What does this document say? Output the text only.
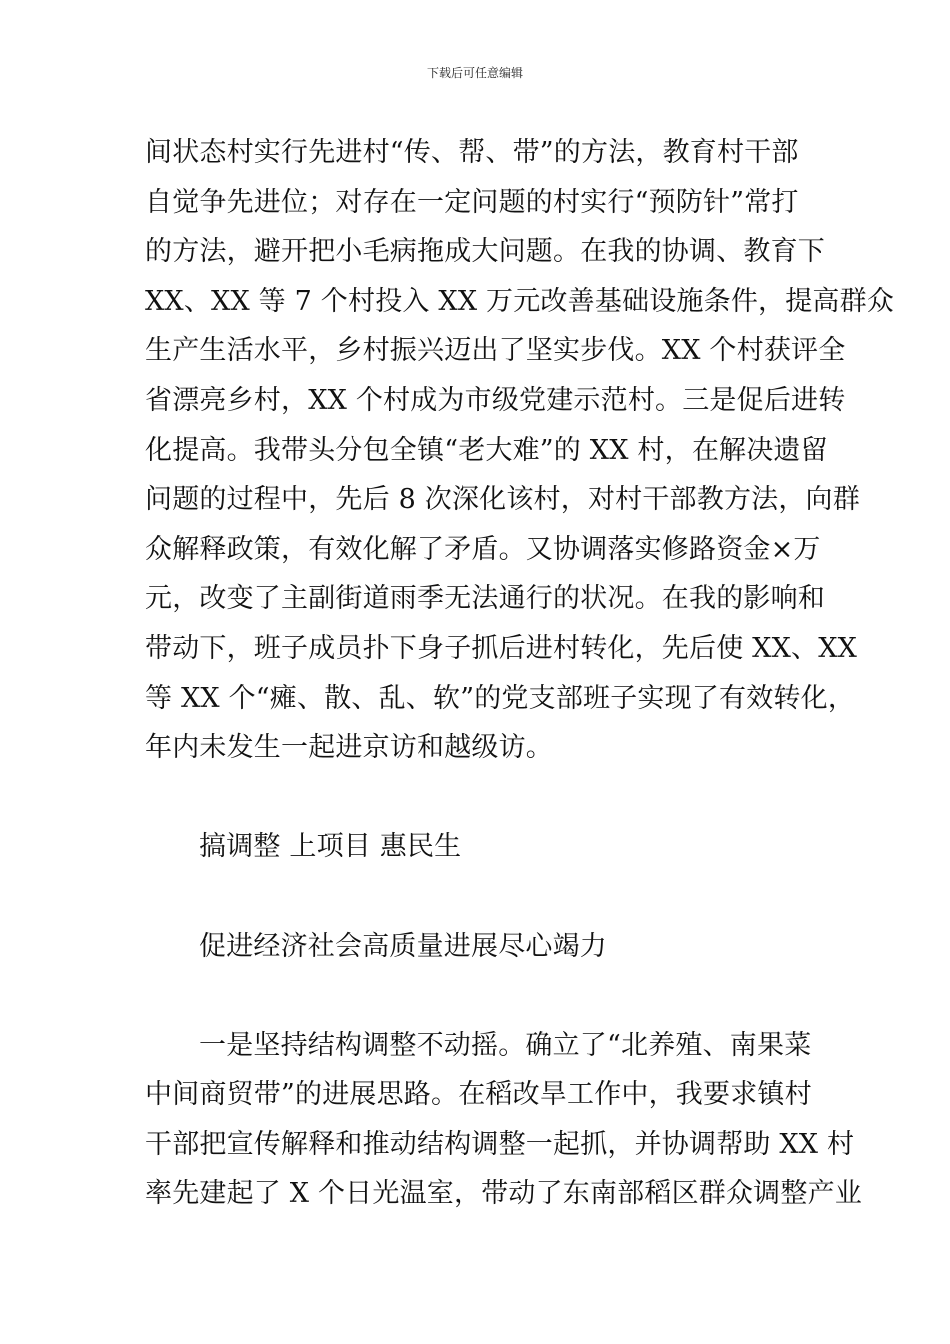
下载后可任意编辑
间状态村实行先进村“传、帮、带”的方法，教育村干部
自觉争先进位；对存在一定问题的村实行“预防针”常打
的方法，避开把小毛病拖成大问题。在我的协调、教育下
XX、XX 等 7 个村投入 XX 万元改善基础设施条件，提高群众
生产生活水平，乡村振兴迈出了坚实步伐。XX 个村获评全
省漂亮乡村，XX 个村成为市级党建示范村。三是促后进转
化提高。我带头分包全镇“老大难”的 XX 村，在解决遗留
问题的过程中，先后 8 次深化该村，对村干部教方法，向群
众解释政策，有效化解了矛盾。又协调落实修路资金×万
元，改变了主副街道雨季无法通行的状况。在我的影响和
带动下，班子成员扑下身子抓后进村转化，先后使 XX、XX
等 XX 个“瘫、散、乱、软”的党支部班子实现了有效转化，
年内未发生一起进京访和越级访。
搞调整 上项目 惠民生
促进经济社会高质量进展尽心竭力
一是坚持结构调整不动摇。确立了“北养殖、南果菜
中间商贸带”的进展思路。在稻改旱工作中，我要求镇村
干部把宣传解释和推动结构调整一起抓，并协调帮助 XX 村
率先建起了 X 个日光温室，带动了东南部稻区群众调整产业
